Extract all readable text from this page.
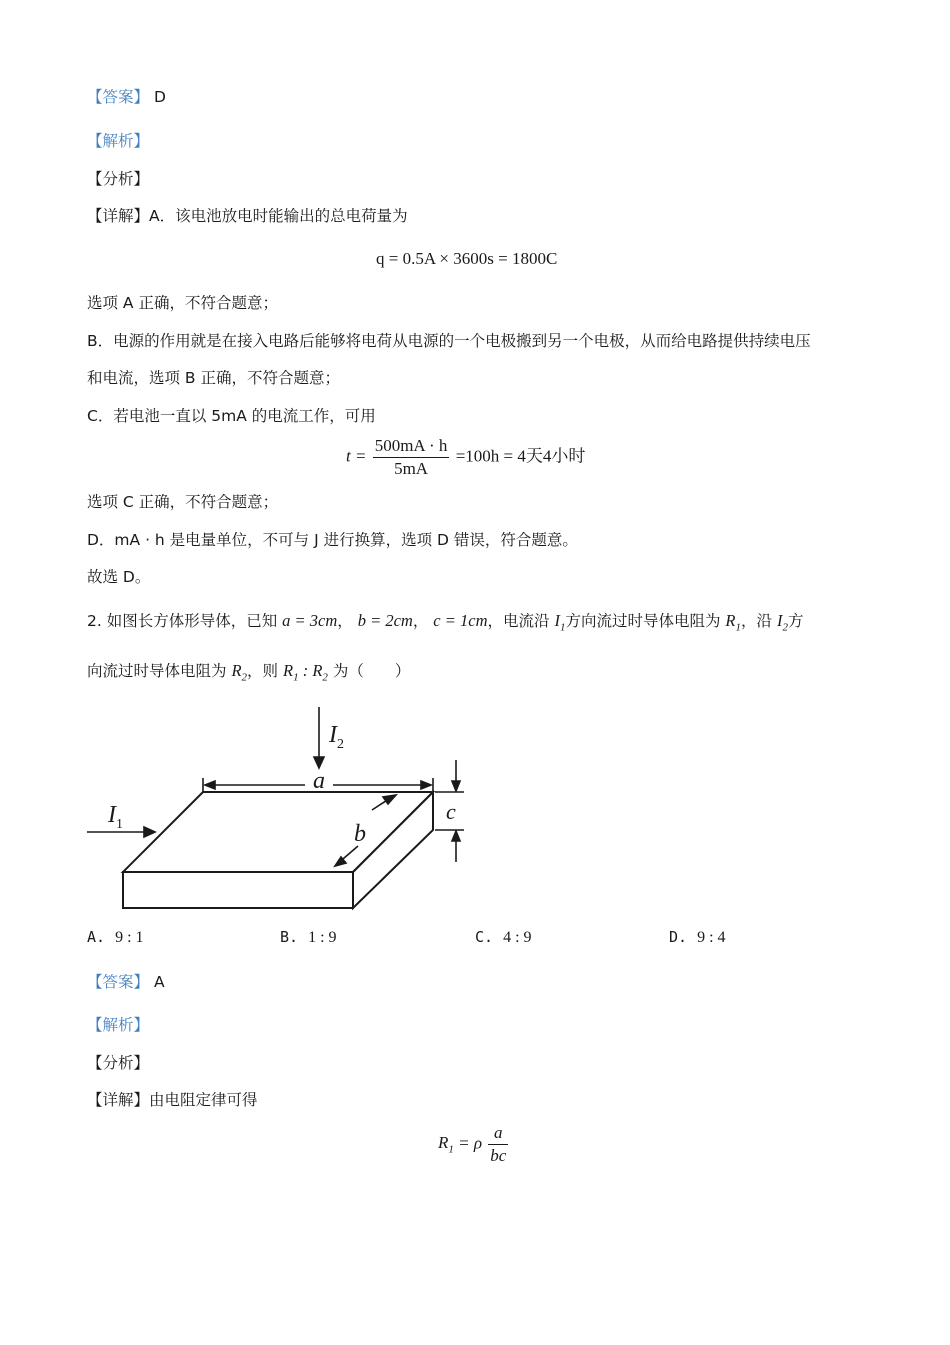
【答案】 D
【解析】
【分析】
【详解】A．该电池放电时能输出的总电荷量为
q = 0.5A × 3600s = 1800C
选项 A 正确，不符合题意；
B．电源的作用就是在接入电路后能够将电荷从电源的一个电极搬到另一个电极，从而给电路提供持续电压
和电流，选项 B 正确，不符合题意；
C．若电池一直以 5mA 的电流工作，可用
$t = \frac{500mA \cdot h}{5mA} =100h = 4$天4小时
选项 C 正确，不符合题意；
D．mA · h 是电量单位，不可与 J 进行换算，选项 D 错误，符合题意。
故选 D。
2. 如图长方体形导体，已知 a = 3cm， b = 2cm， c = 1cm，电流沿 $I_1$方向流过时导体电阻为 $R_1$，沿 $I_2$方
向流过时导体电阻为 $R_2$，则 $R_1$ : $R_2$ 为（　　）
$I_1$
$I_2$
a
b
c
A. 9 : 1	B. 1 : 9	C. 4 : 9	D. 9 : 4
【答案】 A
【解析】
【分析】
【详解】由电阻定律可得
$R_1 = \rho \frac{a}{bc}$
